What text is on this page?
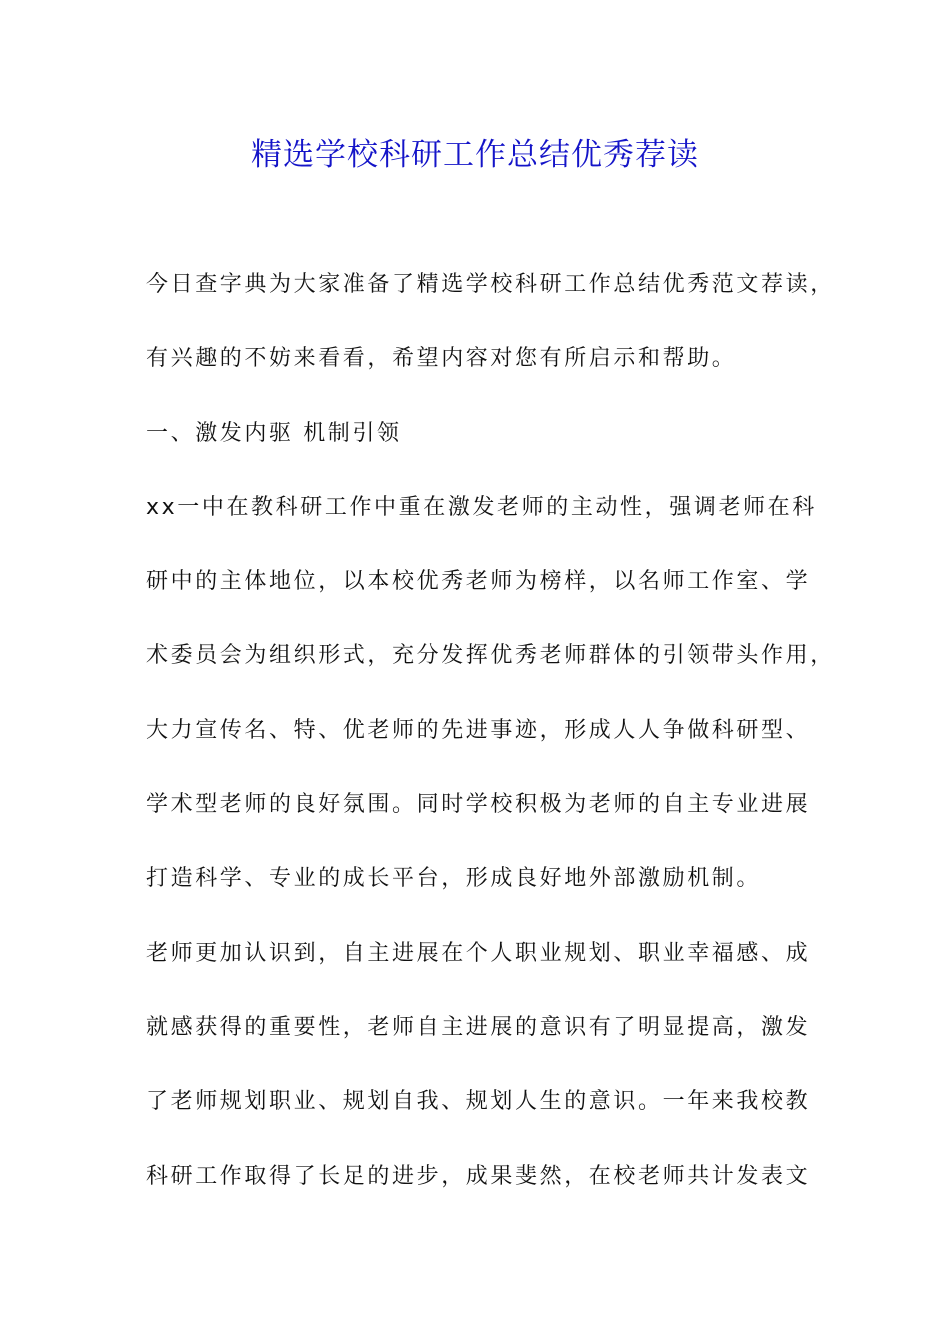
精选学校科研工作总结优秀荐读
今日查字典为大家准备了精选学校科研工作总结优秀范文荐读，
有兴趣的不妨来看看，希望内容对您有所启示和帮助。
一、激发内驱 机制引领
xx一中在教科研工作中重在激发老师的主动性，强调老师在科
研中的主体地位，以本校优秀老师为榜样，以名师工作室、学
术委员会为组织形式，充分发挥优秀老师群体的引领带头作用，
大力宣传名、特、优老师的先进事迹，形成人人争做科研型、
学术型老师的良好氛围。同时学校积极为老师的自主专业进展
打造科学、专业的成长平台，形成良好地外部激励机制。
老师更加认识到，自主进展在个人职业规划、职业幸福感、成
就感获得的重要性，老师自主进展的意识有了明显提高，激发
了老师规划职业、规划自我、规划人生的意识。一年来我校教
科研工作取得了长足的进步，成果斐然，在校老师共计发表文
